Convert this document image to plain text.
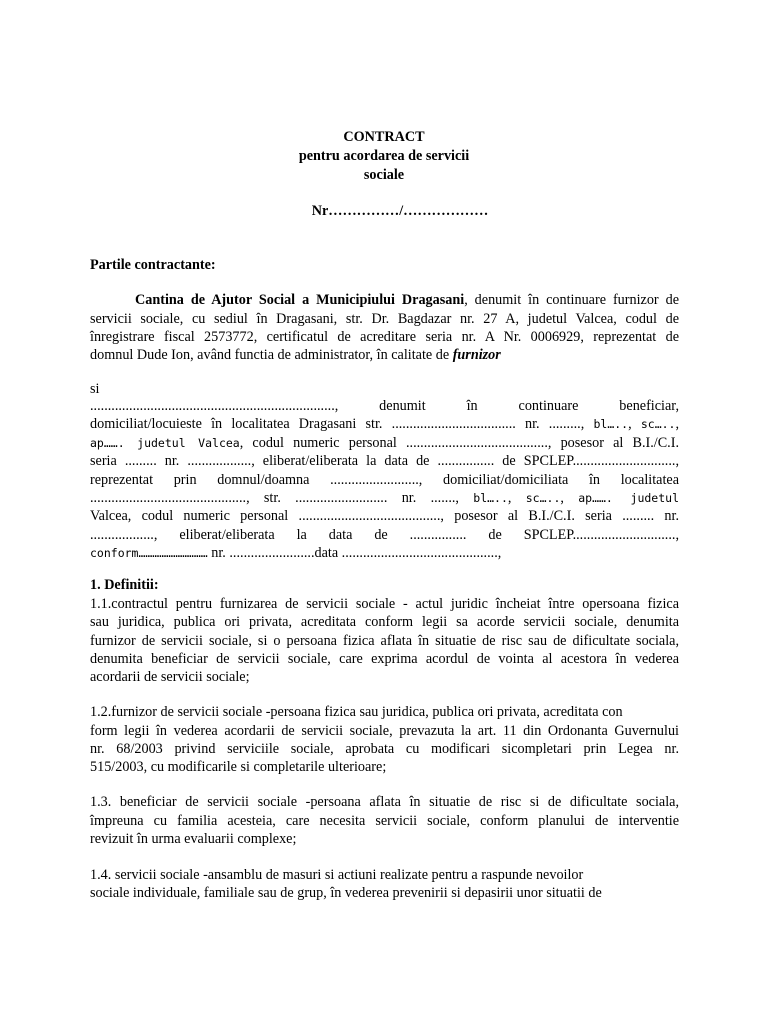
CONTRACT
pentru acordarea de servicii
sociale
Nr……………/………………
Partile contractante:
Cantina de Ajutor Social a Municipiului Dragasani, denumit în continuare furnizor de
servicii sociale, cu sediul în Dragasani, str. Dr. Bagdazar nr. 27 A, judetul Valcea, codul de
înregistrare fiscal 2573772, certificatul de acreditare seria nr. A Nr. 0006929, reprezentat de
domnul Dude Ion, având functia de administrator, în calitate de furnizor
si
....................................................................., denumit în continuare beneficiar,
domiciliat/locuieste în localitatea Dragasani str. ................................... nr. ........., bl….., sc…..,
ap……. judetul Valcea, codul numeric personal ........................................, posesor al B.I./C.I.
seria ......... nr. .................., eliberat/eliberata la data de ................ de SPCLEP.............................,
reprezentat prin domnul/doamna ........................., domiciliat/domiciliata în localitatea
............................................, str. .......................... nr. ......., bl….., sc….., ap……. judetul
Valcea, codul numeric personal ........................................, posesor al B.I./C.I. seria ......... nr.
.................., eliberat/eliberata la data de ................ de SPCLEP.............................,
conform………………………… nr. ........................data ............................................,
1. Definitii:
1.1.contractul pentru furnizarea de servicii sociale - actul juridic încheiat între opersoana fizica
sau juridica, publica ori privata, acreditata conform legii sa acorde servicii sociale, denumita
furnizor de servicii sociale, si o persoana fizica aflata în situatie de risc sau de dificultate sociala,
denumita beneficiar de servicii sociale, care exprima acordul de vointa al acestora în vederea
acordarii de servicii sociale;
1.2.furnizor de servicii sociale -persoana fizica sau juridica, publica ori privata, acreditata con
form legii în vederea acordarii de servicii sociale, prevazuta la art. 11 din Ordonanta Guvernului
nr. 68/2003 privind serviciile sociale, aprobata cu modificari sicompletari prin Legea nr.
515/2003, cu modificarile si completarile ulterioare;
1.3. beneficiar de servicii sociale -persoana aflata în situatie de risc si de dificultate sociala,
împreuna cu familia acesteia, care necesita servicii sociale, conform planului de interventie
revizuit în urma evaluarii complexe;
1.4. servicii sociale -ansamblu de masuri si actiuni realizate pentru a raspunde nevoilor
sociale individuale, familiale sau de grup, în vederea prevenirii si depasirii unor situatii de
